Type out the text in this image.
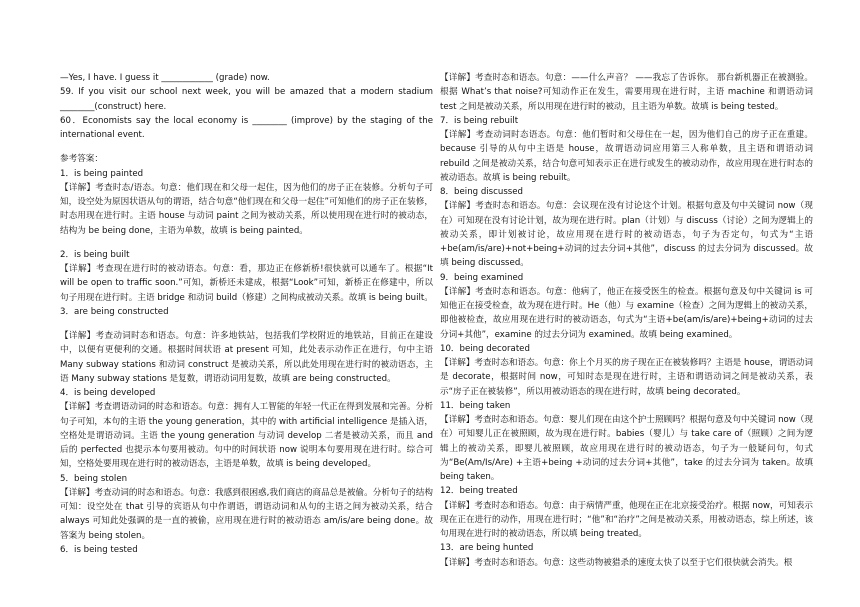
—Yes, I have. I guess it ____________ (grade) now.

59. If you visit our school next week, you will be amazed that a modern stadium ________(construct) here.

60．Economists say the local economy is ________ (improve) by the staging of the international event.

参考答案：

1．is being painted

【详解】考查时态/语态。句意：他们现在和父母一起住，因为他们的房子正在装修。分析句子可知，设空处为原因状语从句的谓语，结合句意“他们现在和父母一起住”可知他们的房子正在装修，时态用现在进行时。主语 house 与动词 paint 之间为被动关系，所以使用现在进行时的被动态，结构为 be being done，主语为单数，故填 is being painted。

2．is being built

【详解】考查现在进行时的被动语态。句意：看，那边正在修新桥!很快就可以通车了。根据“It will be open to traffic soon.”可知，新桥还未建成，根据“Look”可知，新桥正在修建中，所以句子用现在进行时。主语 bridge 和动词 build（修建）之间构成被动关系。故填 is being built。

3．are being constructed

【详解】考查动词时态和语态。句意：许多地铁站，包括我们学校附近的地铁站，目前正在建设中，以便有更便利的交通。根据时间状语 at present 可知，此处表示动作正在进行，句中主语 Many subway stations 和动词 construct 是被动关系，所以此处用现在进行时的被动语态，主语 Many subway stations 是复数，谓语动词用复数，故填 are being constructed。

4．is being developed

【详解】考查谓语动词的时态和语态。句意：拥有人工智能的年轻一代正在得到发展和完善。分析句子可知，本句的主语 the young generation，其中的 with artificial intelligence 是插入语，空格处是谓语动词。主语 the young generation 与动词 develop 二者是被动关系，而且 and 后的 perfected 也提示本句要用被动。句中的时间状语 now 说明本句要用现在进行时。综合可知，空格处要用现在进行时的被动语态，主语是单数，故填 is being developed。

5．being stolen

【详解】考查动词的时态和语态。句意：我感到很困惑,我们商店的商品总是被偷。分析句子的结构可知：设空处在 that 引导的宾语从句中作谓语，谓语动词和从句的主语之间为被动关系，结合 always 可知此处强调的是一直的被偷，应用现在进行时的被动语态 am/is/are being done。故答案为 being stolen。

6．is being tested

【详解】考查时态和语态。句意：——什么声音？ ——我忘了告诉你。 那台新机器正在被测验。根据 What’s that noise?可知动作正在发生，需要用现在进行时，主语 machine 和谓语动词 test 之间是被动关系，所以用现在进行时的被动，且主语为单数。故填 is being tested。

7．is being rebuilt

【详解】考查动词时态语态。句意：他们暂时和父母住在一起，因为他们自己的房子正在重建。because 引导的从句中主语是 house，故谓语动词应用第三人称单数，且主语和谓语动词 rebuild 之间是被动关系，结合句意可知表示正在进行或发生的被动动作，故应用现在进行时态的被动语态。故填 is being rebuilt。

8．being discussed

【详解】考查时态和语态。句意：会议现在没有讨论这个计划。根据句意及句中关键词 now（现在）可知现在没有讨论计划，故为现在进行时。plan（计划）与 discuss（讨论）之间为逻辑上的被动关系，即计划被讨论，故应用现在进行时的被动语态，句子为否定句，句式为“主语+be(am/is/are)+not+being+动词的过去分词+其他”，discuss 的过去分词为 discussed。故填 being discussed。

9．being examined

【详解】考查时态和语态。句意：他病了，他正在接受医生的检查。根据句意及句中关键词 is 可知他正在接受检查，故为现在进行时。He（他）与 examine（检查）之间为逻辑上的被动关系，即他被检查，故应用现在进行时的被动语态，句式为“主语+be(am/is/are)+being+动词的过去分词+其他”，examine 的过去分词为 examined。故填 being examined。

10．being decorated

【详解】考查时态和语态。句意：你上个月买的房子现在正在被装修吗？主语是 house，谓语动词是 decorate，根据时间 now，可知时态是现在进行时，主语和谓语动词之间是被动关系，表示“房子正在被装修”，所以用被动语态的现在进行时，故填 being decorated。

11．being taken

【详解】考查时态和语态。句意：婴儿们现在由这个护士照顾吗？根据句意及句中关键词 now（现在）可知婴儿正在被照顾，故为现在进行时。babies（婴儿）与 take care of（照顾）之间为逻辑上的被动关系，即婴儿被照顾，故应用现在进行时的被动语态，句子为一般疑问句，句式为“Be(Am/Is/Are) +主语+being +动词的过去分词+其他”，take 的过去分词为 taken。故填 being taken。

12．being treated

【详解】考查时态和语态。句意：由于病情严重，他现在正在北京接受治疗。根据 now，可知表示现在正在进行的动作，用现在进行时；“他”和“治疗”之间是被动关系，用被动语态，综上所述，该句用现在进行时的被动语态，所以填 being treated。

13．are being hunted

【详解】考查时态和语态。句意：这些动物被猎杀的速度太快了以至于它们很快就会消失。根
